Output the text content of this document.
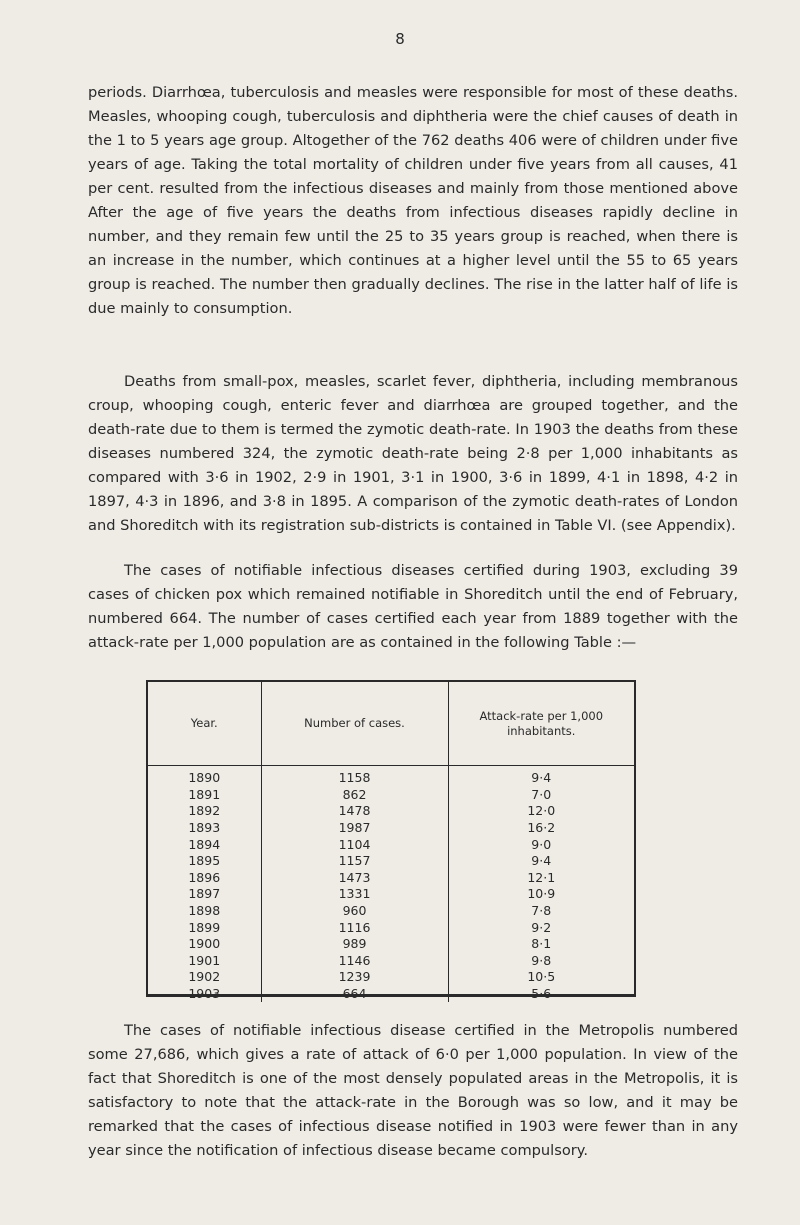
8

periods. Diarrhœa, tuberculosis and measles were responsible for most of these deaths. Measles, whooping cough, tuberculosis and diphtheria were the chief causes of death in the 1 to 5 years age group. Altogether of the 762 deaths 406 were of children under five years of age. Taking the total mortality of children under five years from all causes, 41 per cent. resulted from the infectious diseases and mainly from those mentioned above After the age of five years the deaths from infectious diseases rapidly decline in number, and they remain few until the 25 to 35 years group is reached, when there is an increase in the number, which continues at a higher level until the 55 to 65 years group is reached. The number then gradually declines. The rise in the latter half of life is due mainly to consumption.

Deaths from small-pox, measles, scarlet fever, diphtheria, including membranous croup, whooping cough, enteric fever and diarrhœa are grouped together, and the death-rate due to them is termed the zymotic death-rate. In 1903 the deaths from these diseases numbered 324, the zymotic death-rate being 2·8 per 1,000 inhabitants as compared with 3·6 in 1902, 2·9 in 1901, 3·1 in 1900, 3·6 in 1899, 4·1 in 1898, 4·2 in 1897, 4·3 in 1896, and 3·8 in 1895. A comparison of the zymotic death-rates of London and Shoreditch with its registration sub-districts is contained in Table VI. (see Appendix).

The cases of notifiable infectious diseases certified during 1903, excluding 39 cases of chicken pox which remained notifiable in Shoreditch until the end of February, numbered 664. The number of cases certified each year from 1889 together with the attack-rate per 1,000 population are as contained in the following Table :—

Year.	Number of cases.	Attack-rate per 1,000 inhabitants.
1890	1158	9·4
1891	862	7·0
1892	1478	12·0
1893	1987	16·2
1894	1104	9·0
1895	1157	9·4
1896	1473	12·1
1897	1331	10·9
1898	960	7·8
1899	1116	9·2
1900	989	8·1
1901	1146	9·8
1902	1239	10·5
1903	664	5·6

The cases of notifiable infectious disease certified in the Metropolis numbered some 27,686, which gives a rate of attack of 6·0 per 1,000 population. In view of the fact that Shoreditch is one of the most densely populated areas in the Metropolis, it is satisfactory to note that the attack-rate in the Borough was so low, and it may be remarked that the cases of infectious disease notified in 1903 were fewer than in any year since the notification of infectious disease became compulsory.
